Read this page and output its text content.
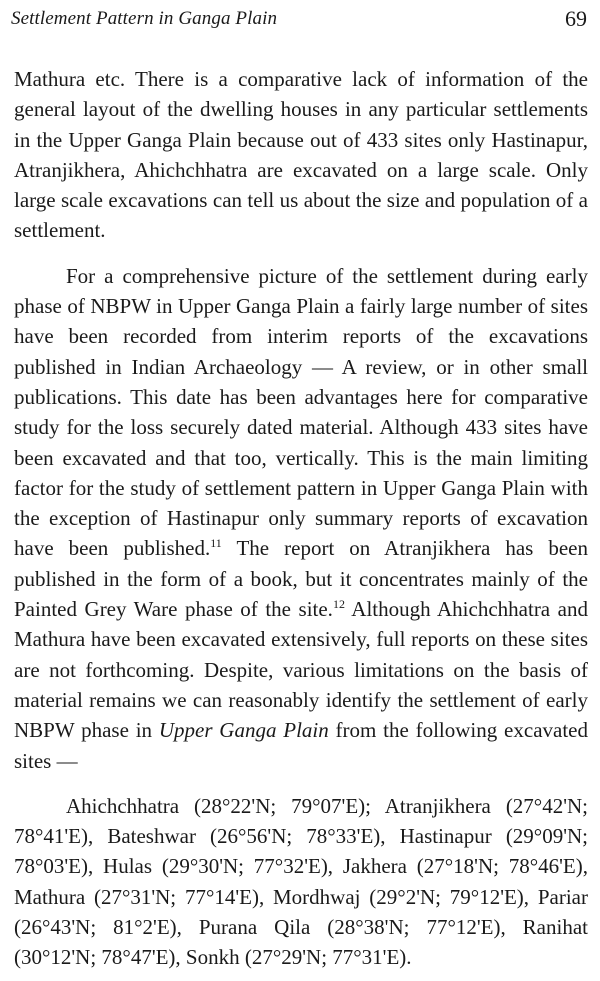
Settlement Pattern in Ganga Plain	69

Mathura etc. There is a comparative lack of information of the general layout of the dwelling houses in any particular settlements in the Upper Ganga Plain because out of 433 sites only Hastinapur, Atranjikhera, Ahichchhatra are excavated on a large scale. Only large scale excavations can tell us about the size and population of a settlement.

For a comprehensive picture of the settlement during early phase of NBPW in Upper Ganga Plain a fairly large number of sites have been recorded from interim reports of the excavations published in Indian Archaeology — A review, or in other small publications. This date has been advantages here for comparative study for the loss securely dated material. Although 433 sites have been excavated and that too, vertically. This is the main limiting factor for the study of settlement pattern in Upper Ganga Plain with the exception of Hastinapur only summary reports of excavation have been published.$^{11}$ The report on Atranjikhera has been published in the form of a book, but it concentrates mainly of the Painted Grey Ware phase of the site.$^{12}$ Although Ahichchhatra and Mathura have been excavated extensively, full reports on these sites are not forthcoming. Despite, various limitations on the basis of material remains we can reasonably identify the settlement of early NBPW phase in Upper Ganga Plain from the following excavated sites —

Ahichchhatra (28°22'N; 79°07'E); Atranjikhera (27°42'N; 78°41'E), Bateshwar (26°56'N; 78°33'E), Hastinapur (29°09'N; 78°03'E), Hulas (29°30'N; 77°32'E), Jakhera (27°18'N; 78°46'E), Mathura (27°31'N; 77°14'E), Mordhwaj (29°2'N; 79°12'E), Pariar (26°43'N; 81°2'E), Purana Qila (28°38'N; 77°12'E), Ranihat (30°12'N; 78°47'E), Sonkh (27°29'N; 77°31'E).
